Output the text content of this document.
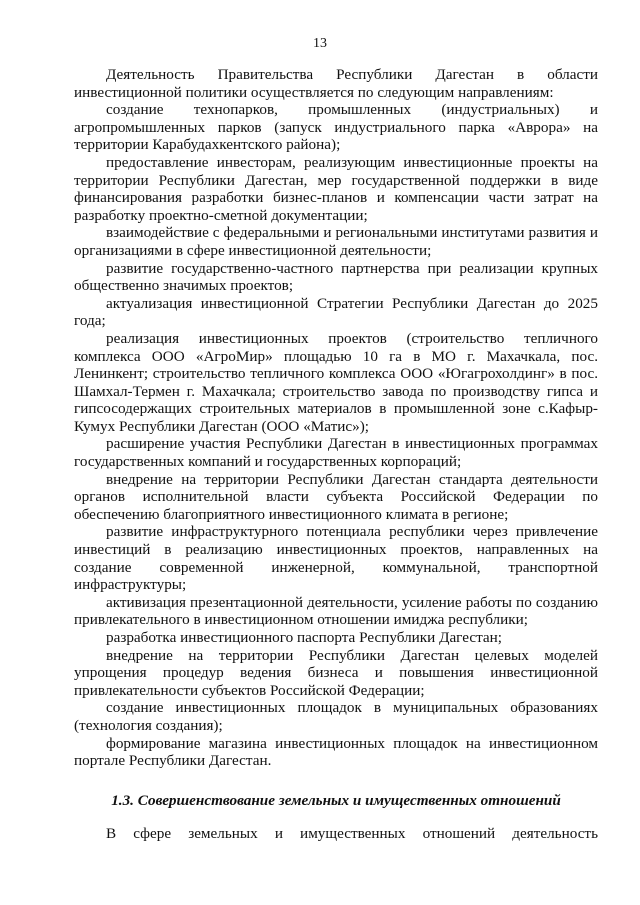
13

Деятельность Правительства Республики Дагестан в области инвестиционной политики осуществляется по следующим направлениям:

создание технопарков, промышленных (индустриальных) и агропромышленных парков (запуск индустриального парка «Аврора» на территории Карабудахкентского района);

предоставление инвесторам, реализующим инвестиционные проекты на территории Республики Дагестан, мер государственной поддержки в виде финансирования разработки бизнес-планов и компенсации части затрат на разработку проектно-сметной документации;

взаимодействие с федеральными и региональными институтами развития и организациями в сфере инвестиционной деятельности;

развитие государственно-частного партнерства при реализации крупных общественно значимых проектов;

актуализация инвестиционной Стратегии Республики Дагестан до 2025 года;

реализация инвестиционных проектов (строительство тепличного комплекса ООО «АгроМир» площадью 10 га в МО г. Махачкала, пос. Ленинкент; строительство тепличного комплекса ООО «Югагрохолдинг» в пос. Шамхал-Термен г. Махачкала; строительство завода по производству гипса и гипсосодержащих строительных материалов в промышленной зоне с.Кафыр-Кумух Республики Дагестан (ООО «Матис»);

расширение участия Республики Дагестан в инвестиционных программах государственных компаний и государственных корпораций;

внедрение на территории Республики Дагестан стандарта деятельности органов исполнительной власти субъекта Российской Федерации по обеспечению благоприятного инвестиционного климата в регионе;

развитие инфраструктурного потенциала республики через привлечение инвестиций в реализацию инвестиционных проектов, направленных на создание современной инженерной, коммунальной, транспортной инфраструктуры;

активизация презентационной деятельности, усиление работы по созданию привлекательного в инвестиционном отношении имиджа республики;

разработка инвестиционного паспорта Республики Дагестан;

внедрение на территории Республики Дагестан целевых моделей упрощения процедур ведения бизнеса и повышения инвестиционной привлекательности субъектов Российской Федерации;

создание инвестиционных площадок в муниципальных образованиях (технология создания);

формирование магазина инвестиционных площадок на инвестиционном портале Республики Дагестан.

1.3. Совершенствование земельных и имущественных отношений

В сфере земельных и имущественных отношений деятельность
